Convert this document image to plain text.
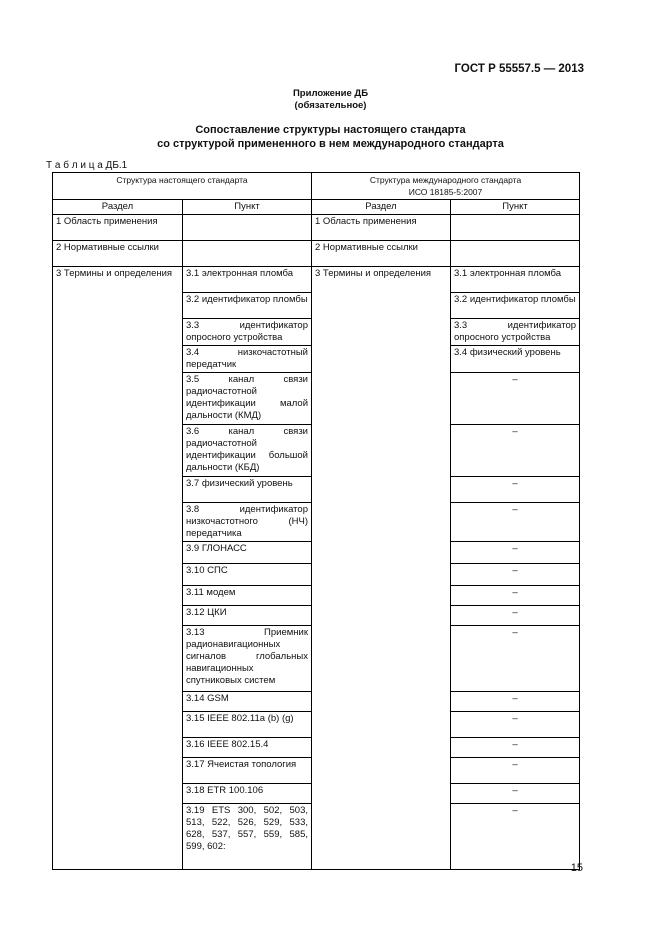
ГОСТ Р 55557.5 — 2013
Приложение ДБ
(обязательное)
Сопоставление структуры настоящего стандарта
со структурой примененного в нем международного стандарта
Т а б л и ц а ДБ.1
Структура настоящего стандарта		Структура международного стандарта
ИСО 18185-5:2007	

Раздел	Пункт	Раздел	Пункт
1 Область применения		1 Область применения	
2 Нормативные ссылки		2 Нормативные ссылки	
3 Термины и определения	3.1 электронная пломба	3 Термины и определения	3.1 электронная пломба
	3.2 идентификатор пломбы		3.2 идентификатор пломбы
	3.3 идентификатор опросного устройства		3.3 идентификатор опросного устройства
	3.4 низкочастотный передатчик		3.4 физический уровень
	3.5 канал связи радиочастотной идентификации малой дальности (КМД)		–
	3.6 канал связи радиочастотной идентификации большой дальности (КБД)		–
	3.7 физический уровень		–
	3.8 идентификатор низкочастотного (НЧ) передатчика		–
	3.9 ГЛОНАСС		–
	3.10 СПС		–
	3.11 модем		–
	3.12 ЦКИ		–
	3.13 Приемник радионавигационных сигналов глобальных навигационных спутниковых систем		–
	3.14 GSM		–
	3.15 IEEE 802.11a (b) (g)		–
	3.16 IEEE 802.15.4		–
	3.17 Ячеистая топология		–
	3.18 ETR 100.106		–
	3.19 ETS 300, 502, 503, 513, 522, 526, 529, 533, 628, 537, 557, 559, 585, 599, 602:		–
15
